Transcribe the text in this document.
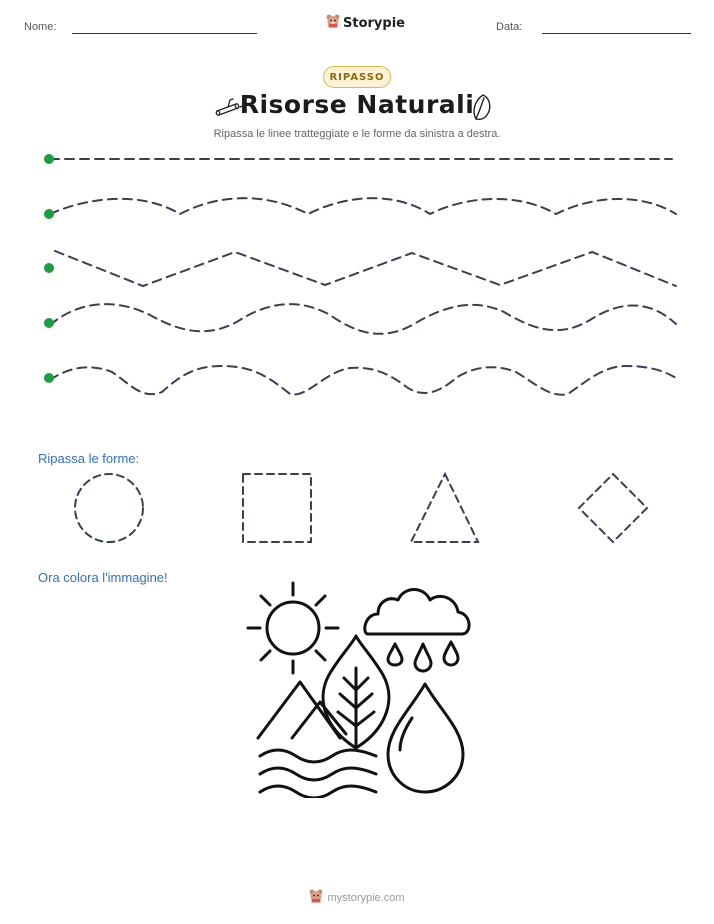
Nome:	Storypie	Data:
RIPASSO
Risorse Naturali
Ripassa le linee tratteggiate e le forme da sinistra a destra.
Ripassa le forme:
Ora colora l'immagine!
mystorypie.com
